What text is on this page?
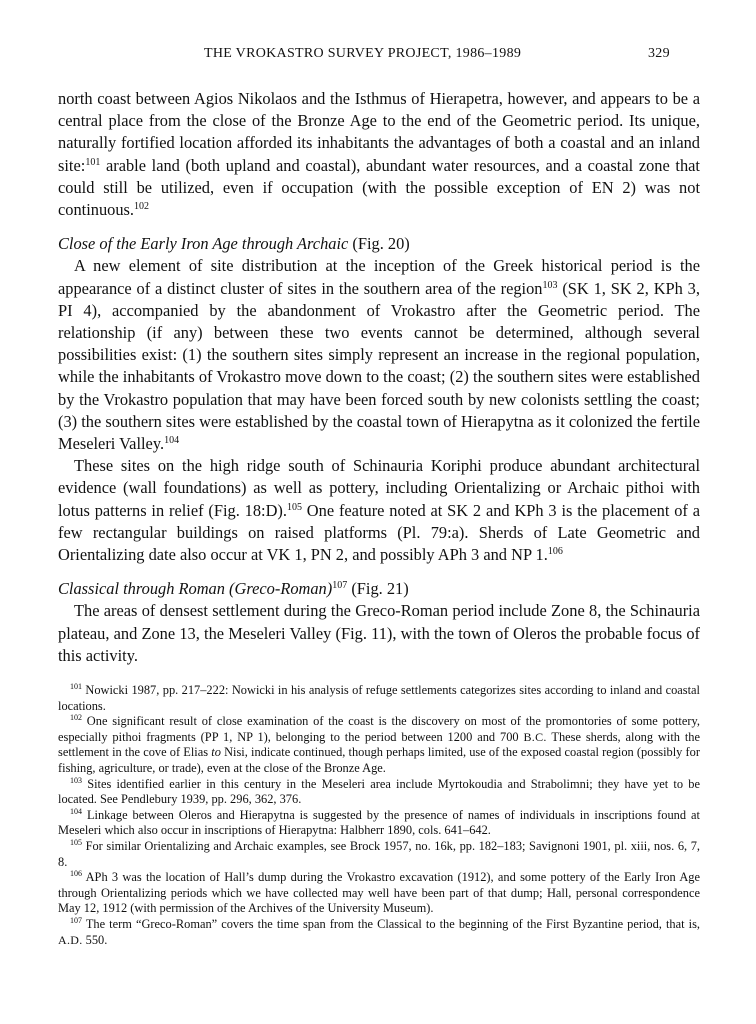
THE VROKASTRO SURVEY PROJECT, 1986–1989	329

north coast between Agios Nikolaos and the Isthmus of Hierapetra, however, and appears to be a central place from the close of the Bronze Age to the end of the Geometric period. Its unique, naturally fortified location afforded its inhabitants the advantages of both a coastal and an inland site:$^{101}$ arable land (both upland and coastal), abundant water resources, and a coastal zone that could still be utilized, even if occupation (with the possible exception of EN 2) was not continuous.$^{102}$

Close of the Early Iron Age through Archaic (Fig. 20)

A new element of site distribution at the inception of the Greek historical period is the appearance of a distinct cluster of sites in the southern area of the region$^{103}$ (SK 1, SK 2, KPh 3, PI 4), accompanied by the abandonment of Vrokastro after the Geometric period. The relationship (if any) between these two events cannot be determined, although several possibilities exist: (1) the southern sites simply represent an increase in the regional population, while the inhabitants of Vrokastro move down to the coast; (2) the southern sites were established by the Vrokastro population that may have been forced south by new colonists settling the coast; (3) the southern sites were established by the coastal town of Hierapytna as it colonized the fertile Meseleri Valley.$^{104}$

These sites on the high ridge south of Schinauria Koriphi produce abundant architectural evidence (wall foundations) as well as pottery, including Orientalizing or Archaic pithoi with lotus patterns in relief (Fig. 18:D).$^{105}$ One feature noted at SK 2 and KPh 3 is the placement of a few rectangular buildings on raised platforms (Pl. 79:a). Sherds of Late Geometric and Orientalizing date also occur at VK 1, PN 2, and possibly APh 3 and NP 1.$^{106}$

Classical through Roman (Greco-Roman)$^{107}$ (Fig. 21)

The areas of densest settlement during the Greco-Roman period include Zone 8, the Schinauria plateau, and Zone 13, the Meseleri Valley (Fig. 11), with the town of Oleros the probable focus of this activity.

$^{101}$ Nowicki 1987, pp. 217–222: Nowicki in his analysis of refuge settlements categorizes sites according to inland and coastal locations.

$^{102}$ One significant result of close examination of the coast is the discovery on most of the promontories of some pottery, especially pithoi fragments (PP 1, NP 1), belonging to the period between 1200 and 700 B.C. These sherds, along with the settlement in the cove of Elias to Nisi, indicate continued, though perhaps limited, use of the exposed coastal region (possibly for fishing, agriculture, or trade), even at the close of the Bronze Age.

$^{103}$ Sites identified earlier in this century in the Meseleri area include Myrtokoudia and Strabolimni; they have yet to be located. See Pendlebury 1939, pp. 296, 362, 376.

$^{104}$ Linkage between Oleros and Hierapytna is suggested by the presence of names of individuals in inscriptions found at Meseleri which also occur in inscriptions of Hierapytna: Halbherr 1890, cols. 641–642.

$^{105}$ For similar Orientalizing and Archaic examples, see Brock 1957, no. 16k, pp. 182–183; Savignoni 1901, pl. xiii, nos. 6, 7, 8.

$^{106}$ APh 3 was the location of Hall’s dump during the Vrokastro excavation (1912), and some pottery of the Early Iron Age through Orientalizing periods which we have collected may well have been part of that dump; Hall, personal correspondence May 12, 1912 (with permission of the Archives of the University Museum).

$^{107}$ The term “Greco-Roman” covers the time span from the Classical to the beginning of the First Byzantine period, that is, A.D. 550.
